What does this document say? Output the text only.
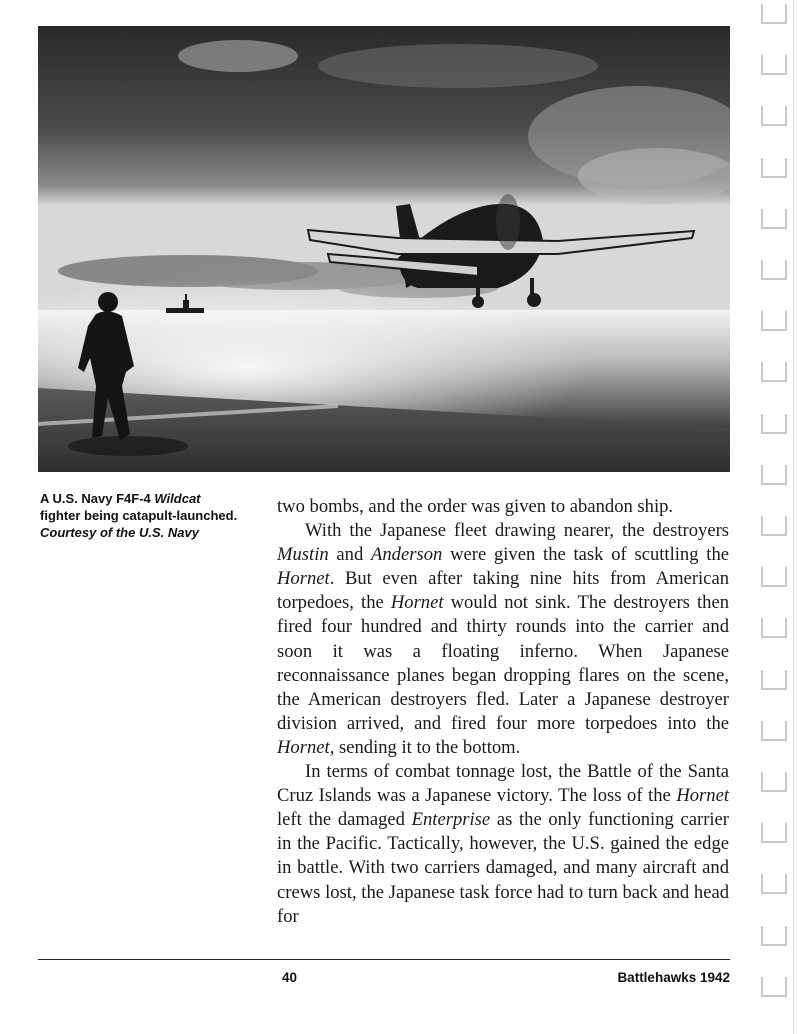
A U.S. Navy F4F-4 Wildcat
fighter being catapult-launched.
Courtesy of the U.S. Navy

two bombs, and the order was given to abandon ship.

With the Japanese fleet drawing nearer, the destroyers Mustin and Anderson were given the task of scuttling the Hornet. But even after taking nine hits from American torpedoes, the Hornet would not sink. The destroyers then fired four hundred and thirty rounds into the carrier and soon it was a floating inferno. When Japanese reconnaissance planes began dropping flares on the scene, the American destroyers fled. Later a Japanese destroyer division arrived, and fired four more torpedoes into the Hornet, sending it to the bottom.

In terms of combat tonnage lost, the Battle of the Santa Cruz Islands was a Japanese victory. The loss of the Hornet left the damaged Enterprise as the only functioning carrier in the Pacific. Tactically, however, the U.S. gained the edge in battle. With two carriers damaged, and many aircraft and crews lost, the Japanese task force had to turn back and head for

40	Battlehawks 1942
